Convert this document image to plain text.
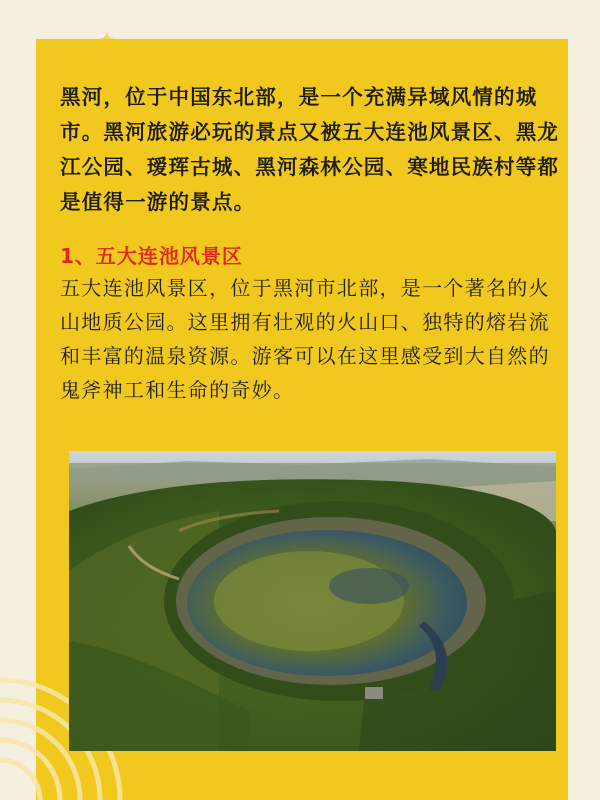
黑河，位于中国东北部，是一个充满异域风情的城市。黑河旅游必玩的景点又被五大连池风景区、黑龙江公园、瑷珲古城、黑河森林公园、寒地民族村等都是值得一游的景点。
1、五大连池风景区
五大连池风景区，位于黑河市北部，是一个著名的火山地质公园。这里拥有壮观的火山口、独特的熔岩流和丰富的温泉资源。游客可以在这里感受到大自然的鬼斧神工和生命的奇妙。
